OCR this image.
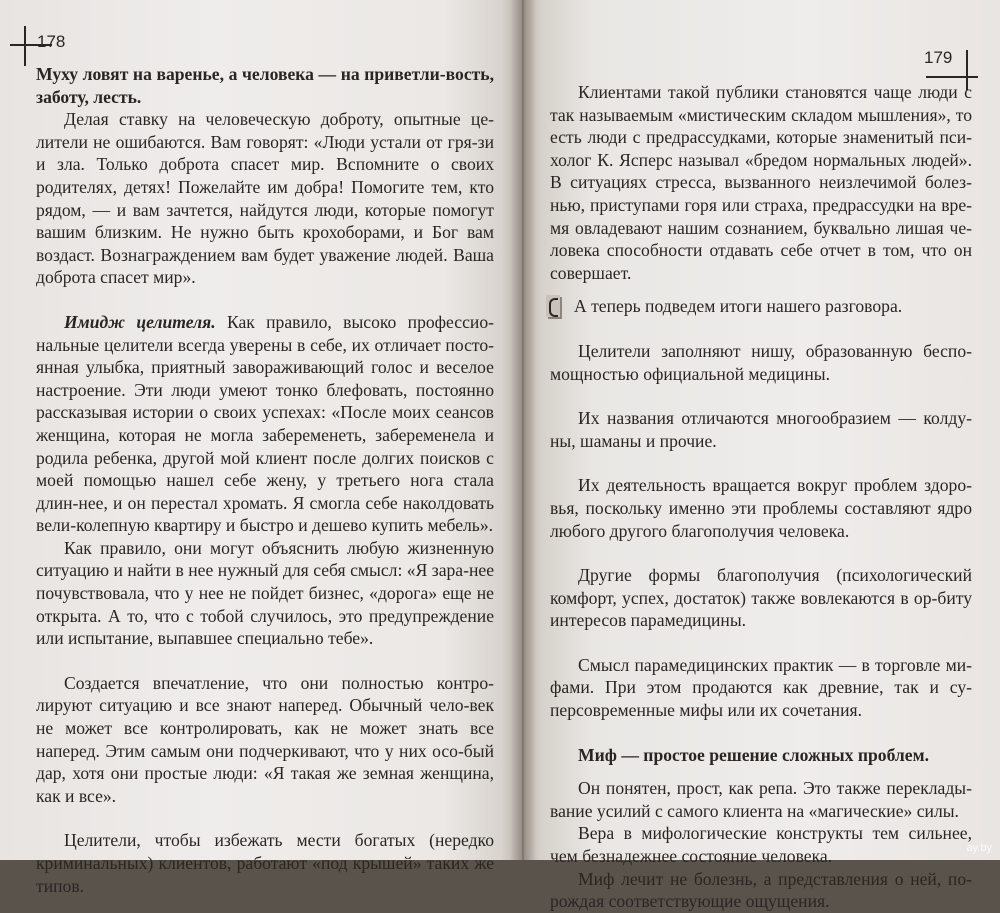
178

Муху ловят на варенье, а человека — на приветли-вость, заботу, лесть.

Делая ставку на человеческую доброту, опытные це-лители не ошибаются. Вам говорят: «Люди устали от гря-зи и зла. Только доброта спасет мир. Вспомните о своих родителях, детях! Пожелайте им добра! Помогите тем, кто рядом, — и вам зачтется, найдутся люди, которые помогут вашим близким. Не нужно быть крохоборами, и Бог вам воздаст. Вознаграждением вам будет уважение людей. Ваша доброта спасет мир».

Имидж целителя. Как правило, высоко профессио-нальные целители всегда уверены в себе, их отличает посто-янная улыбка, приятный завораживающий голос и веселое настроение. Эти люди умеют тонко блефовать, постоянно рассказывая истории о своих успехах: «После моих сеансов женщина, которая не могла забеременеть, забеременела и родила ребенка, другой мой клиент после долгих поисков с моей помощью нашел себе жену, у третьего нога стала длин-нее, и он перестал хромать. Я смогла себе наколдовать вели-колепную квартиру и быстро и дешево купить мебель».

Как правило, они могут объяснить любую жизненную ситуацию и найти в нее нужный для себя смысл: «Я зара-нее почувствовала, что у нее не пойдет бизнес, «дорога» еще не открыта. А то, что с тобой случилось, это предупреждение или испытание, выпавшее специально тебе».

Создается впечатление, что они полностью контро-лируют ситуацию и все знают наперед. Обычный чело-век не может все контролировать, как не может знать все наперед. Этим самым они подчеркивают, что у них осо-бый дар, хотя они простые люди: «Я такая же земная женщина, как и все».

Целители, чтобы избежать мести богатых (нередко криминальных) клиентов, работают «под крышей» таких же типов.

179

Клиентами такой публики становятся чаще люди с так называемым «мистическим складом мышления», то есть люди с предрассудками, которые знаменитый пси-холог К. Ясперс называл «бредом нормальных людей». В ситуациях стресса, вызванного неизлечимой болез-нью, приступами горя или страха, предрассудки на вре-мя овладевают нашим сознанием, буквально лишая че-ловека способности отдавать себе отчет в том, что он совершает.

А теперь подведем итоги нашего разговора.

Целители заполняют нишу, образованную беспо-мощностью официальной медицины.

Их названия отличаются многообразием — колду-ны, шаманы и прочие.

Их деятельность вращается вокруг проблем здоро-вья, поскольку именно эти проблемы составляют ядро любого другого благополучия человека.

Другие формы благополучия (психологический комфорт, успех, достаток) также вовлекаются в ор-биту интересов парамедицины.

Смысл парамедицинских практик — в торговле ми-фами. При этом продаются как древние, так и су-персовременные мифы или их сочетания.

Миф — простое решение сложных проблем.

Он понятен, прост, как репа. Это также переклады-вание усилий с самого клиента на «магические» силы.

Вера в мифологические конструкты тем сильнее, чем безнадежнее состояние человека.

Миф лечит не болезнь, а представления о ней, по-рождая соответствующие ощущения.

ay.by
